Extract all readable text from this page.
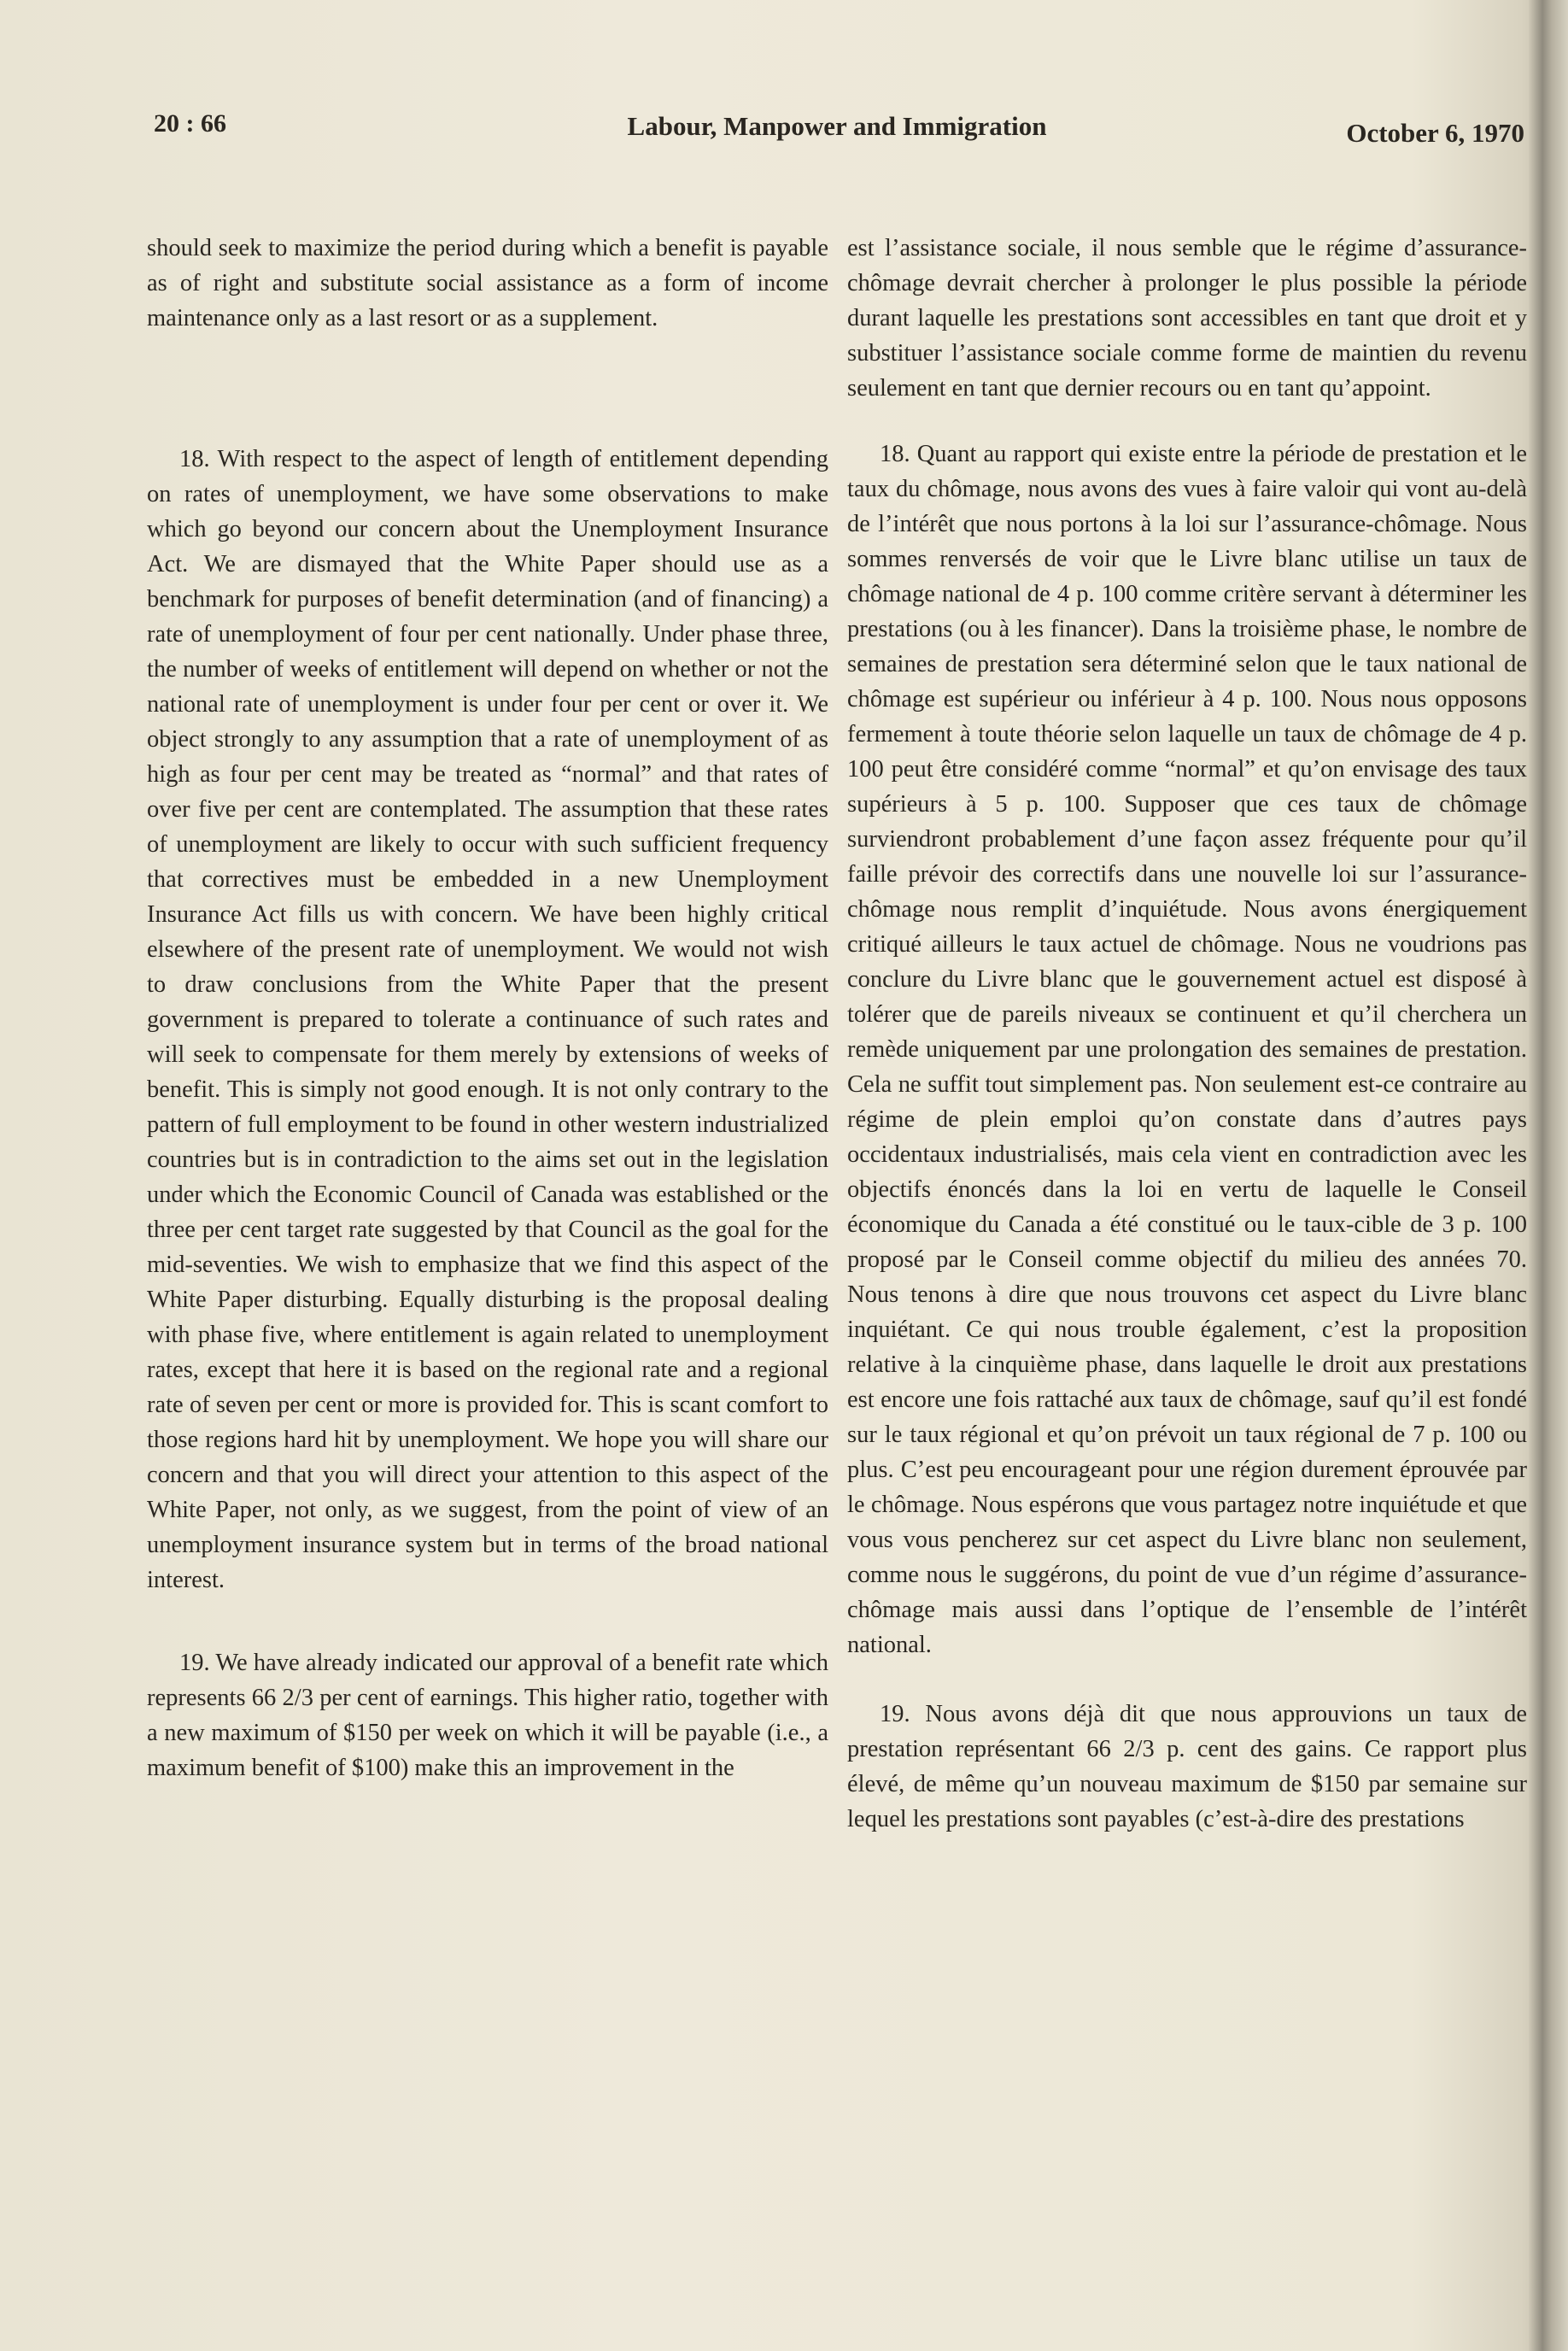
20 : 66	Labour, Manpower and Immigration	October 6, 1970

should seek to maximize the period during which a benefit is payable as of right and substitute social assistance as a form of income maintenance only as a last resort or as a supplement.

18. With respect to the aspect of length of entitlement depending on rates of unemployment, we have some observations to make which go beyond our concern about the Unemployment Insurance Act. We are dismayed that the White Paper should use as a benchmark for purposes of benefit determination (and of financing) a rate of unemployment of four per cent nationally. Under phase three, the number of weeks of entitlement will depend on whether or not the national rate of unemployment is under four per cent or over it. We object strongly to any assumption that a rate of unemployment of as high as four per cent may be treated as “normal” and that rates of over five per cent are contemplated. The assumption that these rates of unemployment are likely to occur with such sufficient frequency that correctives must be embedded in a new Unemployment Insurance Act fills us with concern. We have been highly critical elsewhere of the present rate of unemployment. We would not wish to draw conclusions from the White Paper that the present government is prepared to tolerate a continuance of such rates and will seek to compensate for them merely by extensions of weeks of benefit. This is simply not good enough. It is not only contrary to the pattern of full employment to be found in other western industrialized countries but is in contradiction to the aims set out in the legislation under which the Economic Council of Canada was established or the three per cent target rate suggested by that Council as the goal for the mid-seventies. We wish to emphasize that we find this aspect of the White Paper disturbing. Equally disturbing is the proposal dealing with phase five, where entitlement is again related to unemployment rates, except that here it is based on the regional rate and a regional rate of seven per cent or more is provided for. This is scant comfort to those regions hard hit by unemployment. We hope you will share our concern and that you will direct your attention to this aspect of the White Paper, not only, as we suggest, from the point of view of an unemployment insurance system but in terms of the broad national interest.

19. We have already indicated our approval of a benefit rate which represents 66 2/3 per cent of earnings. This higher ratio, together with a new maximum of $150 per week on which it will be payable (i.e., a maximum benefit of $100) make this an improvement in the

est l’assistance sociale, il nous semble que le régime d’assurance-chômage devrait chercher à prolonger le plus possible la période durant laquelle les prestations sont accessibles en tant que droit et y substituer l’assistance sociale comme forme de maintien du revenu seulement en tant que dernier recours ou en tant qu’appoint.

18. Quant au rapport qui existe entre la période de prestation et le taux du chômage, nous avons des vues à faire valoir qui vont au-delà de l’intérêt que nous portons à la loi sur l’assurance-chômage. Nous sommes renversés de voir que le Livre blanc utilise un taux de chômage national de 4 p. 100 comme critère servant à déterminer les prestations (ou à les financer). Dans la troisième phase, le nombre de semaines de prestation sera déterminé selon que le taux national de chômage est supérieur ou inférieur à 4 p. 100. Nous nous opposons fermement à toute théorie selon laquelle un taux de chômage de 4 p. 100 peut être considéré comme “normal” et qu’on envisage des taux supérieurs à 5 p. 100. Supposer que ces taux de chômage surviendront probablement d’une façon assez fréquente pour qu’il faille prévoir des correctifs dans une nouvelle loi sur l’assurance-chômage nous remplit d’inquiétude. Nous avons énergiquement critiqué ailleurs le taux actuel de chômage. Nous ne voudrions pas conclure du Livre blanc que le gouvernement actuel est disposé à tolérer que de pareils niveaux se continuent et qu’il cherchera un remède uniquement par une prolongation des semaines de prestation. Cela ne suffit tout simplement pas. Non seulement est-ce contraire au régime de plein emploi qu’on constate dans d’autres pays occidentaux industrialisés, mais cela vient en contradiction avec les objectifs énoncés dans la loi en vertu de laquelle le Conseil économique du Canada a été constitué ou le taux-cible de 3 p. 100 proposé par le Conseil comme objectif du milieu des années 70. Nous tenons à dire que nous trouvons cet aspect du Livre blanc inquiétant. Ce qui nous trouble également, c’est la proposition relative à la cinquième phase, dans laquelle le droit aux prestations est encore une fois rattaché aux taux de chômage, sauf qu’il est fondé sur le taux régional et qu’on prévoit un taux régional de 7 p. 100 ou plus. C’est peu encourageant pour une région durement éprouvée par le chômage. Nous espérons que vous partagez notre inquiétude et que vous vous pencherez sur cet aspect du Livre blanc non seulement, comme nous le suggérons, du point de vue d’un régime d’assurance-chômage mais aussi dans l’optique de l’ensemble de l’intérêt national.

19. Nous avons déjà dit que nous approuvions un taux de prestation représentant 66 2/3 p. cent des gains. Ce rapport plus élevé, de même qu’un nouveau maximum de $150 par semaine sur lequel les prestations sont payables (c’est-à-dire des prestations
